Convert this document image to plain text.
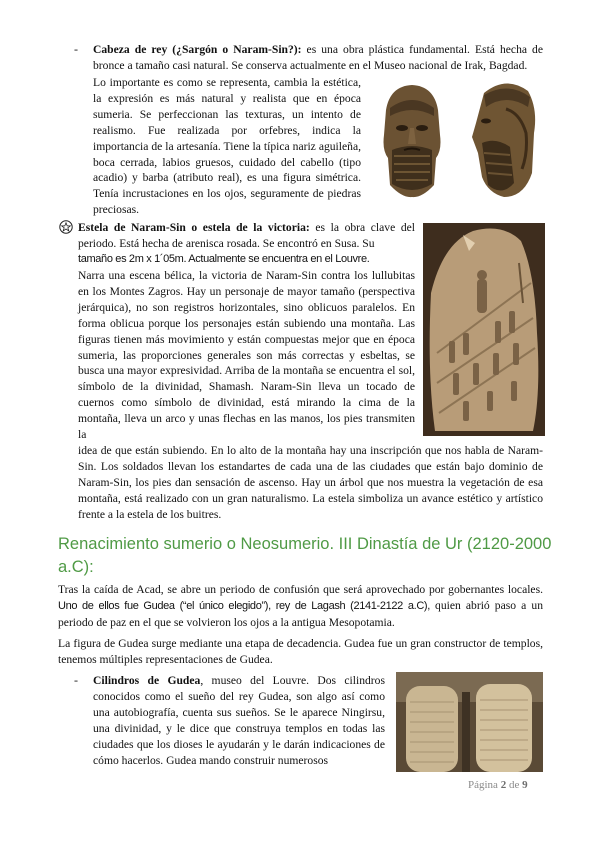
- Cabeza de rey (¿Sargón o Naram-Sin?): es una obra plástica fundamental. Está hecha de bronce a tamaño casi natural. Se conserva actualmente en el Museo nacional de Irak, Bagdad.
Lo importante es como se representa, cambia la estética, la expresión es más natural y realista que en época sumeria. Se perfeccionan las texturas, un intento de realismo. Fue realizada por orfebres, indica la importancia de la artesanía. Tiene la típica nariz aguileña, boca cerrada, labios gruesos, cuidado del cabello (tipo acadio) y barba (atributo real), es una figura simétrica. Tenía incrustaciones en los ojos, seguramente de piedras preciosas.
Estela de Naram-Sin o estela de la victoria: es la obra clave del periodo. Está hecha de arenisca rosada. Se encontró en Susa. Su
tamaño es 2m x 1´05m. Actualmente se encuentra en el Louvre.
Narra una escena bélica, la victoria de Naram-Sin contra los lullubitas en los Montes Zagros. Hay un personaje de mayor tamaño (perspectiva jerárquica), no son registros horizontales, sino oblicuos paralelos. En forma oblicua porque los personajes están subiendo una montaña. Las figuras tienen más movimiento y están compuestas mejor que en época sumeria, las proporciones generales son más correctas y esbeltas, se busca una mayor expresividad. Arriba de la montaña se encuentra el sol, símbolo de la divinidad, Shamash. Naram-Sin lleva un tocado de cuernos como símbolo de divinidad, está mirando la cima de la montaña, lleva un arco y unas flechas en las manos, los pies transmiten la
idea de que están subiendo. En lo alto de la montaña hay una inscripción que nos habla de Naram-Sin. Los soldados llevan los estandartes de cada una de las ciudades que están bajo dominio de Naram-Sin, los pies dan sensación de ascenso. Hay un árbol que nos muestra la vegetación de esa montaña, está realizado con un gran naturalismo. La estela simboliza un avance estético y artístico frente a la estela de los buitres.
Renacimiento sumerio o Neosumerio. III Dinastía de Ur (2120-2000 a.C):
Tras la caída de Acad, se abre un periodo de confusión que será aprovechado por gobernantes locales. Uno de ellos fue Gudea (“el único elegido”), rey de Lagash (2141-2122 a.C), quien abrió paso a un periodo de paz en el que se volvieron los ojos a la antigua Mesopotamia.
La figura de Gudea surge mediante una etapa de decadencia. Gudea fue un gran constructor de templos, tenemos múltiples representaciones de Gudea.
- Cilindros de Gudea, museo del Louvre. Dos cilindros conocidos como el sueño del rey Gudea, son algo así como una autobiografía, cuenta sus sueños. Se le aparece Ningirsu, una divinidad, y le dice que construya templos en todas las ciudades que los dioses le ayudarán y le darán indicaciones de cómo hacerlos. Gudea mando construir numerosos
Página 2 de 9
